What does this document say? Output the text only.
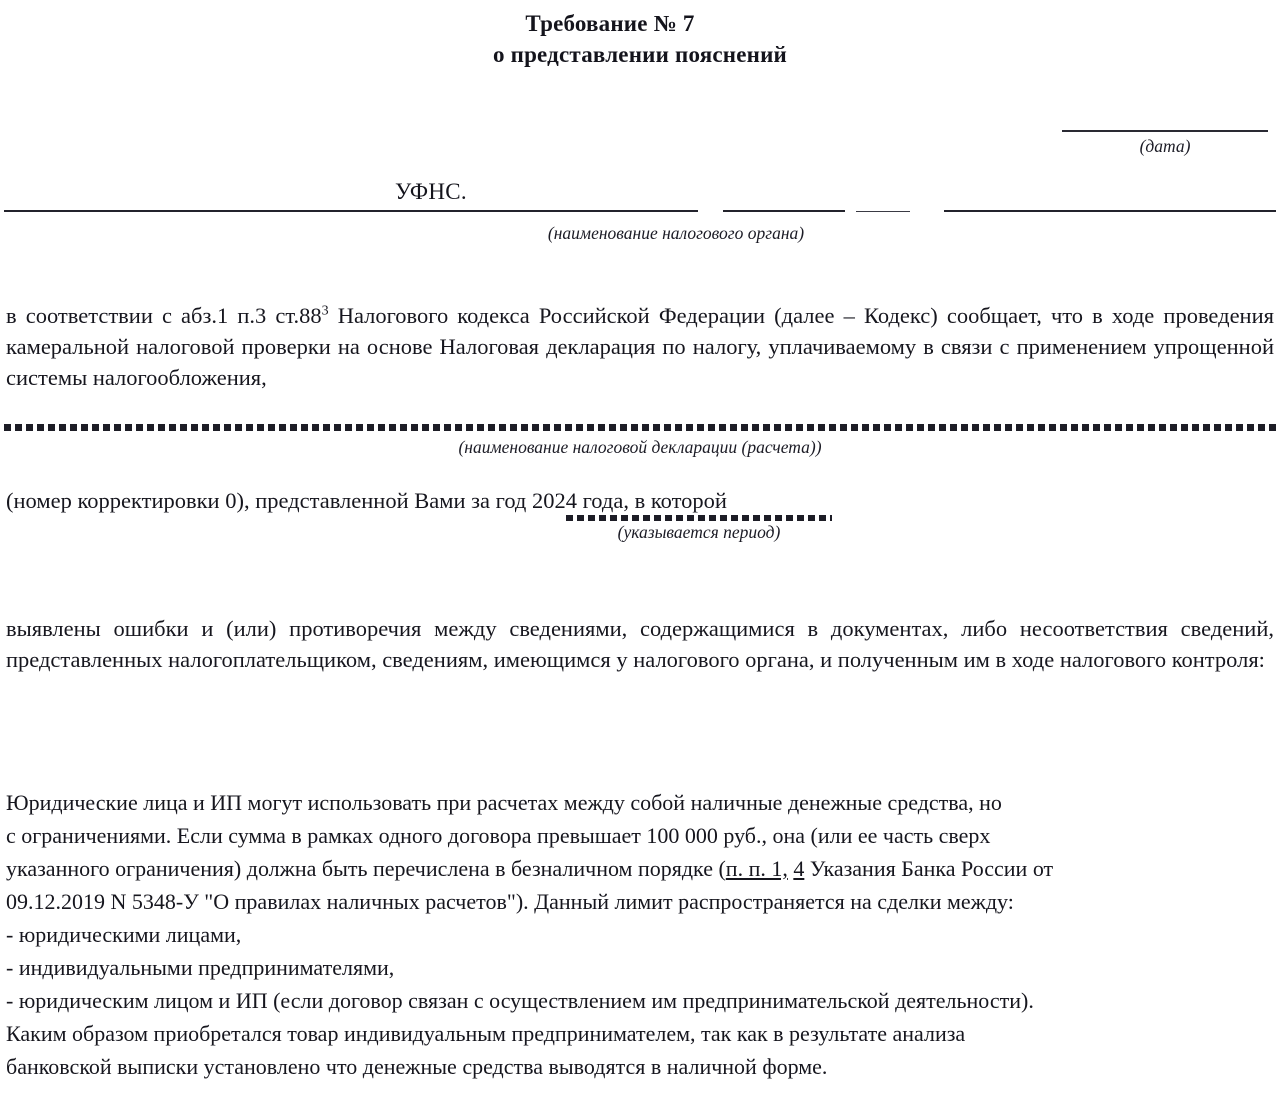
Требование № 7
о представлении пояснений
(дата)
УФНС.
(наименование налогового органа)
в соответствии с абз.1 п.3 $ст.88^3$ Налогового кодекса Российской Федерации (далее – Кодекс) сообщает, что в ходе проведения камеральной налоговой проверки на основе Налоговая декларация по налогу, уплачиваемому в связи с применением упрощенной системы налогообложения,
(наименование налоговой декларации (расчета))
(номер корректировки 0), представленной Вами за год 2024 года, в которой
(указывается период)
выявлены ошибки и (или) противоречия между сведениями, содержащимися в документах, либо несоответствия сведений, представленных налогоплательщиком, сведениям, имеющимся у налогового органа, и полученным им в ходе налогового контроля:
Юридические лица и ИП могут использовать при расчетах между собой наличные денежные средства, но
с ограничениями. Если сумма в рамках одного договора превышает 100 000 руб., она (или ее часть сверх
указанного ограничения) должна быть перечислена в безналичном порядке (п. п. 1, 4 Указания Банка России от
09.12.2019 N 5348-У "О правилах наличных расчетов"). Данный лимит распространяется на сделки между:
- юридическими лицами,
- индивидуальными предпринимателями,
- юридическим лицом и ИП (если договор связан с осуществлением им предпринимательской деятельности).
Каким образом приобретался товар индивидуальным предпринимателем, так как в результате анализа
банковской выписки установлено что денежные средства выводятся в наличной форме.
